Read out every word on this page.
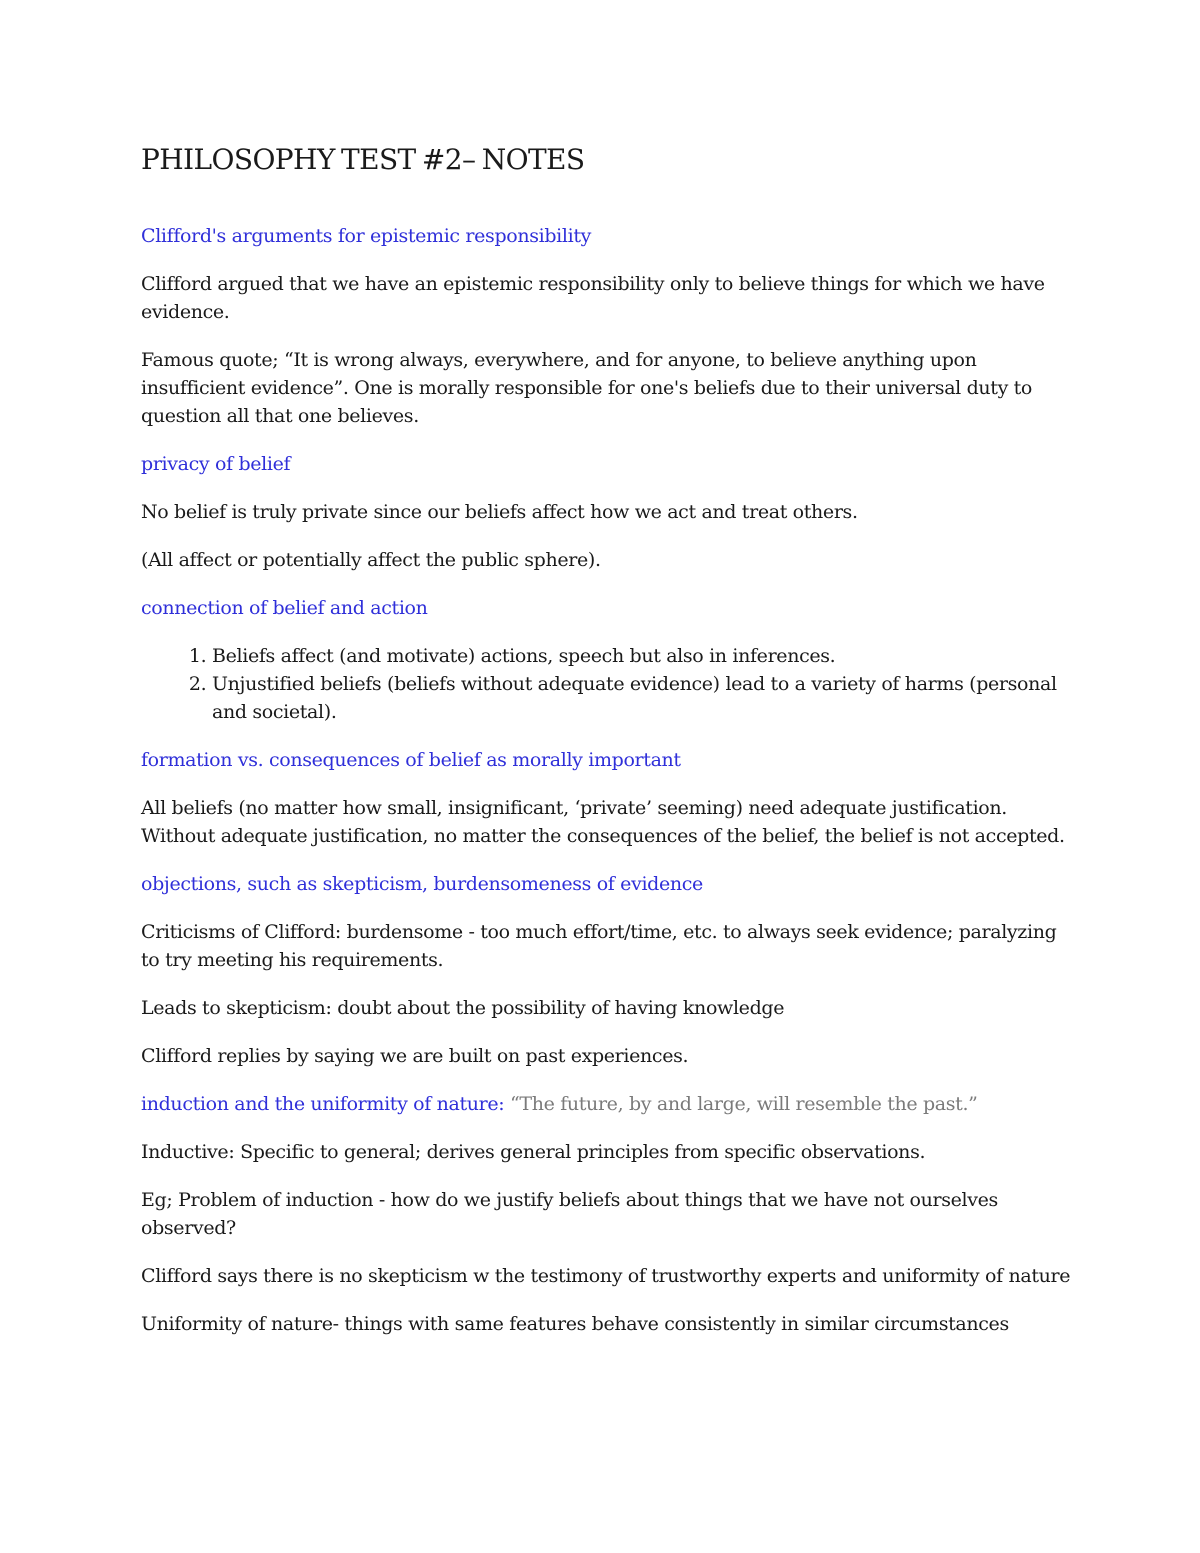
PHILOSOPHY TEST #2– NOTES
Clifford's arguments for epistemic responsibility

Clifford argued that we have an epistemic responsibility only to believe things for which we have evidence.

Famous quote; “It is wrong always, everywhere, and for anyone, to believe anything upon insufficient evidence”. One is morally responsible for one's beliefs due to their universal duty to question all that one believes.

privacy of belief

No belief is truly private since our beliefs affect how we act and treat others.

(All affect or potentially affect the public sphere).

connection of belief and action
1. Beliefs affect (and motivate) actions, speech but also in inferences.
2. Unjustified beliefs (beliefs without adequate evidence) lead to a variety of harms (personal and societal).
formation vs. consequences of belief as morally important

All beliefs (no matter how small, insignificant, ‘private’ seeming) need adequate justification. Without adequate justification, no matter the consequences of the belief, the belief is not accepted.

objections, such as skepticism, burdensomeness of evidence

Criticisms of Clifford: burdensome - too much effort/time, etc. to always seek evidence; paralyzing to try meeting his requirements.

Leads to skepticism: doubt about the possibility of having knowledge

Clifford replies by saying we are built on past experiences.

induction and the uniformity of nature: “The future, by and large, will resemble the past.”

Inductive: Specific to general; derives general principles from specific observations.

Eg; Problem of induction - how do we justify beliefs about things that we have not ourselves observed?

Clifford says there is no skepticism w the testimony of trustworthy experts and uniformity of nature

Uniformity of nature- things with same features behave consistently in similar circumstances
